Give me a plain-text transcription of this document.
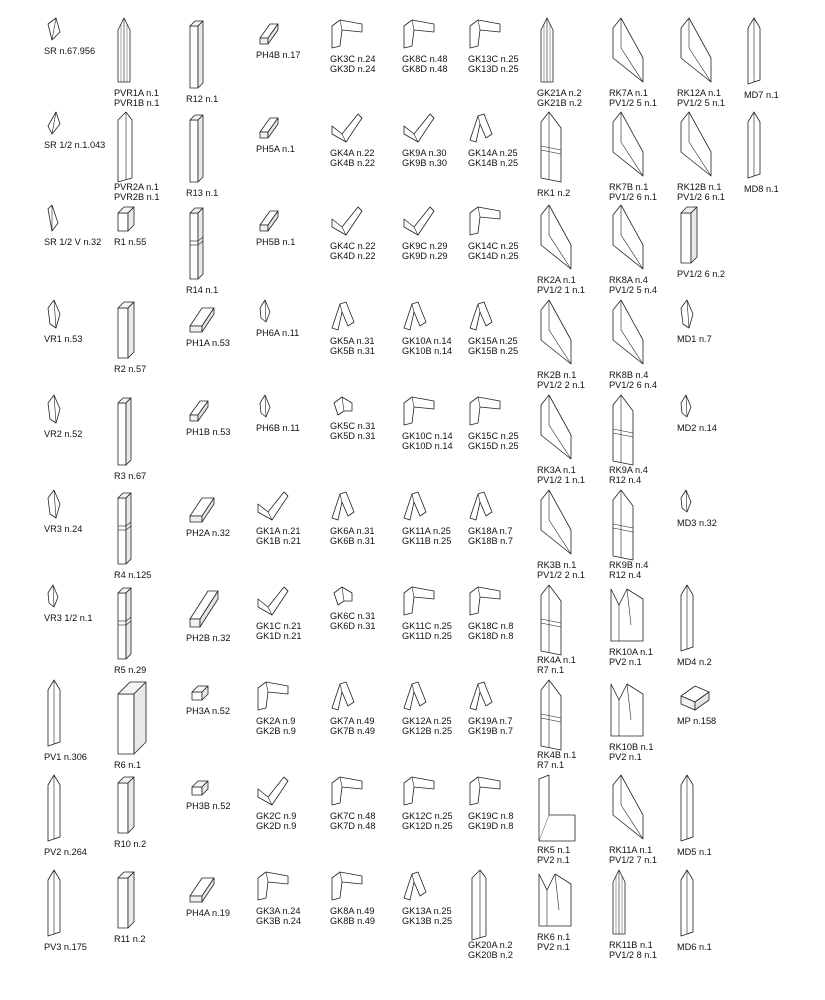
SR n.67.956
SR 1/2 n.1.043
SR 1/2 V n.32
VR1 n.53
VR2 n.52
VR3 n.24
VR3 1/2 n.1
PV1 n.306
PV2 n.264
PV3 n.175
PVR1A n.1
PVR1B n.1
PVR2A n.1
PVR2B n.1
R1 n.55
R2 n.57
R3 n.67
R4 n.125
R5 n.29
R6 n.1
R10 n.2
R11 n.2
R12 n.1
R13 n.1
R14 n.1
PH1A n.53
PH1B n.53
PH2A n.32
PH2B n.32
PH3A n.52
PH3B n.52
PH4A n.19
PH4B n.17
PH5A n.1
PH5B n.1
PH6A n.11
PH6B n.11
GK1A n.21
GK1B n.21
GK1C n.21
GK1D n.21
GK2A n.9
GK2B n.9
GK2C n.9
GK2D n.9
GK3A n.24
GK3B n.24
GK3C n.24
GK3D n.24
GK4A n.22
GK4B n.22
GK4C n.22
GK4D n.22
GK5A n.31
GK5B n.31
GK5C n.31
GK5D n.31
GK6A n.31
GK6B n.31
GK6C n.31
GK6D n.31
GK7A n.49
GK7B n.49
GK7C n.48
GK7D n.48
GK8A n.49
GK8B n.49
GK8C n.48
GK8D n.48
GK9A n.30
GK9B n.30
GK9C n.29
GK9D n.29
GK10A n.14
GK10B n.14
GK10C n.14
GK10D n.14
GK11A n.25
GK11B n.25
GK11C n.25
GK11D n.25
GK12A n.25
GK12B n.25
GK12C n.25
GK12D n.25
GK13A n.25
GK13B n.25
GK13C n.25
GK13D n.25
GK14A n.25
GK14B n.25
GK14C n.25
GK14D n.25
GK15A n.25
GK15B n.25
GK15C n.25
GK15D n.25
GK18A n.7
GK18B n.7
GK18C n.8
GK18D n.8
GK19A n.7
GK19B n.7
GK19C n.8
GK19D n.8
GK20A n.2
GK20B n.2
GK21A n.2
GK21B n.2
RK1 n.2
RK2A n.1
PV1/2 1 n.1
RK2B n.1
PV1/2 2 n.1
RK3A n.1
PV1/2 1 n.1
RK3B n.1
PV1/2 2 n.1
RK4A n.1
R7 n.1
RK4B n.1
R7 n.1
RK5 n.1
PV2 n.1
RK6 n.1
PV2 n.1
RK7A n.1
PV1/2 5 n.1
RK7B n.1
PV1/2 6 n.1
RK8A n.4
PV1/2 5 n.4
RK8B n.4
PV1/2 6 n.4
RK9A n.4
R12 n.4
RK9B n.4
R12 n.4
RK10A n.1
PV2 n.1
RK10B n.1
PV2 n.1
RK11A n.1
PV1/2 7 n.1
RK11B n.1
PV1/2 8 n.1
RK12A n.1
PV1/2 5 n.1
RK12B n.1
PV1/2 6 n.1
PV1/2 6 n.2
MD1 n.7
MD2 n.14
MD3 n.32
MD4 n.2
MP n.158
MD5 n.1
MD6 n.1
MD7 n.1
MD8 n.1
